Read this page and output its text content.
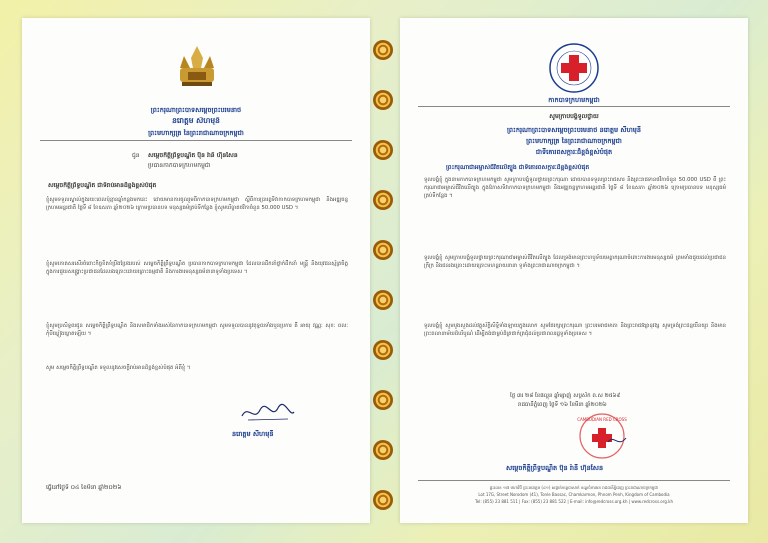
ព្រះករុណាព្រះបាទសម្ដេចព្រះបរមនាថ
នរោត្តម សីហមុនី
ព្រះមហាក្សត្រ នៃព្រះរាជាណាចក្រកម្ពុជា
ជូន សម្ដេចកិត្តិព្រឹទ្ធបណ្ឌិត ប៊ុន រ៉ានី ហ៊ុនសែន
ប្រធានកាកបាទក្រហមកម្ពុជា
សម្ដេចកិត្តិព្រឹទ្ធបណ្ឌិត ជាទីរាប់អានដ៏ខ្ពង់ខ្ពស់បំផុត
ខ្ញុំសូមទទួលស្គាល់ក្នុងរយៈពេលប៉ុន្មានឆ្នាំកន្លងមកនេះ ដោយមានការចូលរួមពីកាកបាទក្រហមកម្ពុជា ស្ដីពីការប្រារព្ធទិវាកាកបាទក្រហមកម្ពុជា និងអឌ្ឍចន្ទក្រហមអន្ដរជាតិ ថ្ងៃទី ៨ ខែឧសភា ឆ្នាំ២០២៦ ក្រោមប្រធានបទ មនុស្សធម៌គ្រប់ទីកន្លែង ខ្ញុំសូមបរិច្ចាគថវិកាចំនួន 50.000 USD ។
ខ្ញុំសូមកោតសរសើរចំពោះកិច្ចខិតខំប្រឹងប្រែងរបស់ សម្ដេចកិត្តិព្រឹទ្ធបណ្ឌិត ប្រធានកាកបាទក្រហមកម្ពុជា ដែលបានដឹកនាំថ្នាក់ដឹកនាំ មន្ត្រី និងយុវជនស្ម័គ្រចិត្ត ក្នុងការជួយសង្គ្រោះប្រជាជនដែលរងគ្រោះដោយគ្រោះធម្មជាតិ និងការងារមនុស្សធម៌នានាទូទាំងប្រទេស ។
ខ្ញុំសូមប្រសិទ្ធពរជូន សម្ដេចកិត្តិព្រឹទ្ធបណ្ឌិត និងសមាជិកទាំងអស់នៃកាកបាទក្រហមកម្ពុជា សូមទទួលបាននូវពុទ្ធពរទាំងបួនប្រការ គឺ អាយុ វណ្ណៈ សុខៈ ពលៈ កុំបីឃ្លៀងឃ្លាតឡើយ ។
សូម សម្ដេចកិត្តិព្រឹទ្ធបណ្ឌិត ទទួលនូវសេចក្ដីរាប់អានដ៏ខ្ពង់ខ្ពស់បំផុត អំពីខ្ញុំ ។
នរោត្តម សីហមុនី
ធ្វើនៅថ្ងៃទី ០៤ ខែមីនា ឆ្នាំ២០២៦
កាកបាទក្រហមកម្ពុជា
សូមក្រាបបង្គំទូលថ្វាយ
ព្រះករុណាព្រះបាទសម្ដេចព្រះបរមនាថ នរោត្តម សីហមុនី
ព្រះមហាក្សត្រ នៃព្រះរាជាណាចក្រកម្ពុជា
ជាទីគោរពសក្ការៈដ៏ខ្ពង់ខ្ពស់បំផុត
ព្រះករុណាជាអម្ចាស់ជីវិតលើត្បូង ជាទីគោរពសក្ការៈដ៏ខ្ពង់ខ្ពស់បំផុត
ទូលបង្គំខ្ញុំ ក្នុងនាមកាកបាទក្រហមកម្ពុជា សូមក្រាបបង្គំទូលថ្វាយព្រះករុណា ដោយបានទទួលព្រះរាជសារ និងព្រះរាជទានថវិកាចំនួន 50.000 USD ពី ព្រះករុណាជាអម្ចាស់ជីវិតលើត្បូង ក្នុងឱកាសទិវាកាកបាទក្រហមកម្ពុជា និងអឌ្ឍចន្ទក្រហមអន្ដរជាតិ ថ្ងៃទី ៨ ខែឧសភា ឆ្នាំ២០២៦ ក្រោមប្រធានបទ មនុស្សធម៌គ្រប់ទីកន្លែង ។
ទូលបង្គំខ្ញុំ សូមក្រាបបង្គំទូលថ្វាយព្រះករុណាជាអម្ចាស់ជីវិតលើត្បូង ដែលទ្រង់មានព្រះហឫទ័យមេត្តាករុណាចំពោះការងារមនុស្សធម៌ ព្រមទាំងជួយដល់ប្រជាជនក្រីក្រ និងជនរងគ្រោះដោយគ្រោះមហន្តរាយនានា ទូទាំងព្រះរាជាណាចក្រកម្ពុជា ។
ទូលបង្គំខ្ញុំ សូមបួងសួងដល់វត្ថុស័ក្ដិសិទ្ធិទាំងឡាយក្នុងលោក សូមថែរក្សាព្រះករុណា ព្រះបរមរាជមាតា និងព្រះរាជវង្សានុវង្ស សូមទ្រង់ព្រះជន្មយឺនយូរ និងមានព្រះពលានាម័យដ៏បរិបូណ៌ ដើម្បីគង់ជាម្លប់ដ៏ត្រជាក់ត្រជុំដល់ប្រជាពលរដ្ឋទូទាំងប្រទេស ។
ថ្ងៃ ៣រ ២៨ ខែផល្គុន ឆ្នាំម្សាញ់ សប្តស័ក ព.ស ២៥៦៩
រាជធានីភ្នំពេញ ថ្ងៃទី ១៦ ខែមីនា ឆ្នាំ២០២៦
CAMBODIAN RED CROSS
សម្ដេចកិត្តិព្រឹទ្ធបណ្ឌិត ប៊ុន រ៉ានី ហ៊ុនសែន
ផ្ទះលេខ ១៧ មហាវិថី ព្រះនរោត្តម (៤១) សង្កាត់ទន្លេបាសាក់ ខណ្ឌចំការមន រាជធានីភ្នំពេញ ព្រះរាជាណាចក្រកម្ពុជា
Lot 17G, Street Norodom (41), Tonle Bassac, Chamkarmon, Phnom Penh, Kingdom of Cambodia
Tel: (855) 23 881 511 | Fax: (855) 23 881 522 | E-mail: info@redcross.org.kh | www.redcross.org.kh
